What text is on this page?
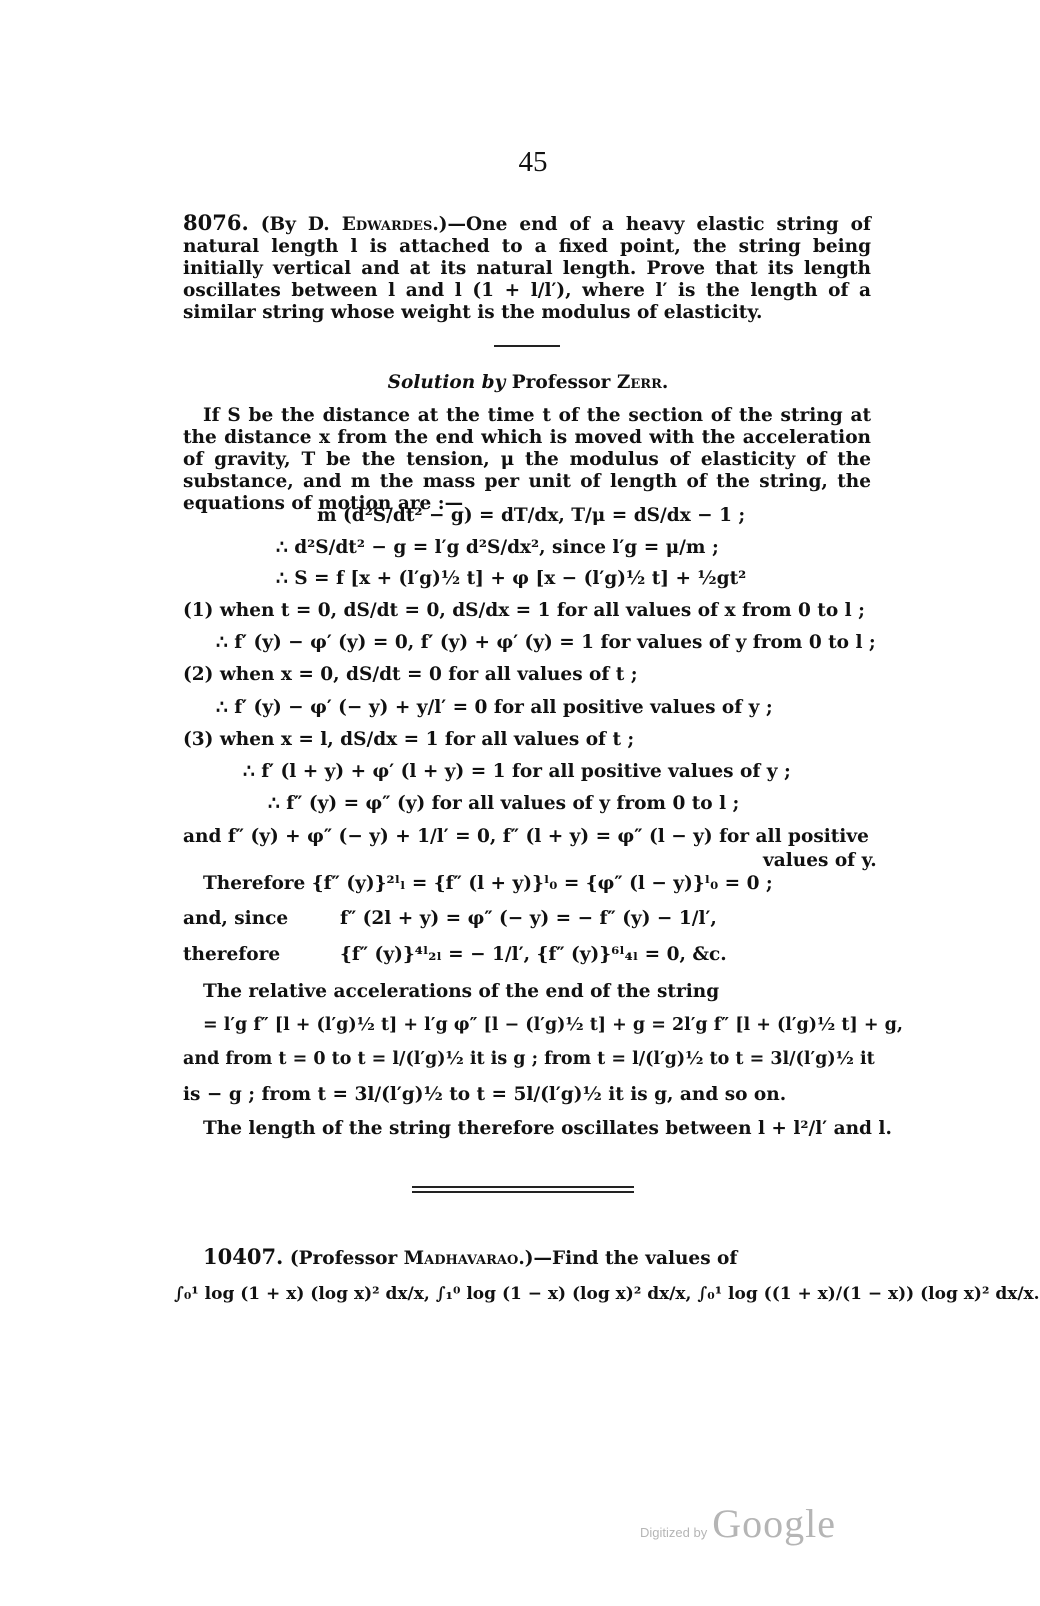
45
8076. (By D. Edwardes.)—One end of a heavy elastic string of natural length l is attached to a fixed point, the string being initially vertical and at its natural length. Prove that its length oscillates between l and l (1 + l/l′), where l′ is the length of a similar string whose weight is the modulus of elasticity.
Solution by Professor Zerr.
If S be the distance at the time t of the section of the string at the distance x from the end which is moved with the acceleration of gravity, T be the tension, μ the modulus of elasticity of the substance, and m the mass per unit of length of the string, the equations of motion are :—
m (d²S/dt² − g) = dT/dx, T/μ = dS/dx − 1 ;
∴ d²S/dt² − g = l′g d²S/dx², since l′g = μ/m ;
∴ S = f [x + (l′g)½ t] + φ [x − (l′g)½ t] + ½gt²
(1) when t = 0, dS/dt = 0, dS/dx = 1 for all values of x from 0 to l ;
∴ f′ (y) − φ′ (y) = 0, f′ (y) + φ′ (y) = 1 for values of y from 0 to l ;
(2) when x = 0, dS/dt = 0 for all values of t ;
∴ f′ (y) − φ′ (− y) + y/l′ = 0 for all positive values of y ;
(3) when x = l, dS/dx = 1 for all values of t ;
∴ f′ (l + y) + φ′ (l + y) = 1 for all positive values of y ;
∴ f″ (y) = φ″ (y) for all values of y from 0 to l ;
and f″ (y) + φ″ (− y) + 1/l′ = 0, f″ (l + y) = φ″ (l − y) for all positive
values of y.
Therefore {f″ (y)}²ˡₗ = {f″ (l + y)}ˡ₀ = {φ″ (l − y)}ˡ₀ = 0 ;
and, since	f″ (2l + y) = φ″ (− y) = − f″ (y) − 1/l′,
therefore	{f″ (y)}⁴ˡ₂ₗ = − 1/l′, {f″ (y)}⁶ˡ₄ₗ = 0, &c.
The relative accelerations of the end of the string
= l′g f″ [l + (l′g)½ t] + l′g φ″ [l − (l′g)½ t] + g = 2l′g f″ [l + (l′g)½ t] + g,
and from t = 0 to t = l/(l′g)½ it is g ; from t = l/(l′g)½ to t = 3l/(l′g)½ it
is − g ; from t = 3l/(l′g)½ to t = 5l/(l′g)½ it is g, and so on.
The length of the string therefore oscillates between l + l²/l′ and l.
10407. (Professor Madhavarao.)—Find the values of
∫₀¹ log (1 + x) (log x)² dx/x, ∫₁⁰ log (1 − x) (log x)² dx/x, ∫₀¹ log ((1 + x)/(1 − x)) (log x)² dx/x.
Digitized by Google
